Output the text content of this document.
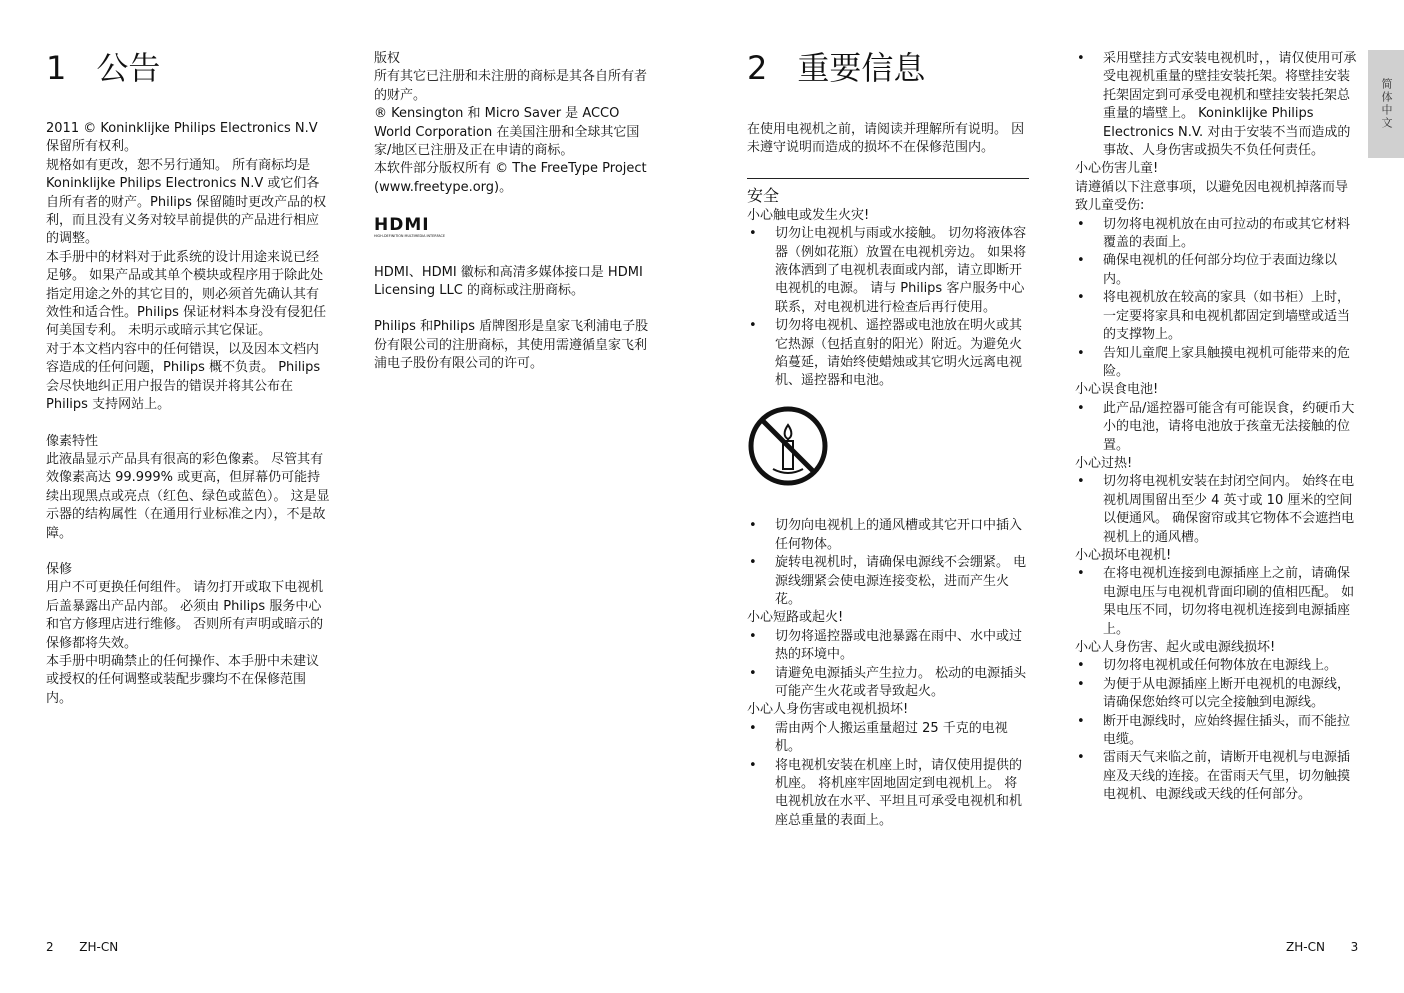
1 公告

2011 © Koninklijke Philips Electronics N.V 保留所有权利。

规格如有更改，恕不另行通知。 所有商标均是Koninklijke Philips Electronics N.V 或它们各自所有者的财产。Philips 保留随时更改产品的权利，而且没有义务对较早前提供的产品进行相应的调整。

本手册中的材料对于此系统的设计用途来说已经足够。 如果产品或其单个模块或程序用于除此处指定用途之外的其它目的，则必须首先确认其有效性和适合性。Philips 保证材料本身没有侵犯任何美国专利。 未明示或暗示其它保证。

对于本文档内容中的任何错误，以及因本文档内容造成的任何问题，Philips 概不负责。 Philips 会尽快地纠正用户报告的错误并将其公布在 Philips 支持网站上。

像素特性

此液晶显示产品具有很高的彩色像素。 尽管其有效像素高达 99.999% 或更高，但屏幕仍可能持续出现黑点或亮点（红色、绿色或蓝色）。 这是显示器的结构属性（在通用行业标准之内），不是故障。

保修

用户不可更换任何组件。 请勿打开或取下电视机后盖暴露出产品内部。 必须由 Philips 服务中心和官方修理店进行维修。 否则所有声明或暗示的保修都将失效。

本手册中明确禁止的任何操作、本手册中未建议或授权的任何调整或装配步骤均不在保修范围内。

版权

所有其它已注册和未注册的商标是其各自所有者的财产。

® Kensington 和 Micro Saver 是 ACCO World Corporation 在美国注册和全球其它国家/地区已注册及正在申请的商标。

本软件部分版权所有 © The FreeType Project (www.freetype.org)。

HDMI
HIGH-DEFINITION MULTIMEDIA INTERFACE

HDMI、HDMI 徽标和高清多媒体接口是 HDMI Licensing LLC 的商标或注册商标。

Philips 和Philips 盾牌图形是皇家飞利浦电子股份有限公司的注册商标，其使用需遵循皇家飞利浦电子股份有限公司的许可。

2 ZH-CN
2 重要信息

在使用电视机之前，请阅读并理解所有说明。 因未遵守说明而造成的损坏不在保修范围内。

安全

小心触电或发生火灾!

• 切勿让电视机与雨或水接触。 切勿将液体容器（例如花瓶）放置在电视机旁边。 如果将液体洒到了电视机表面或内部，请立即断开电视机的电源。 请与 Philips 客户服务中心联系，对电视机进行检查后再行使用。
• 切勿将电视机、遥控器或电池放在明火或其它热源（包括直射的阳光）附近。为避免火焰蔓延，请始终使蜡烛或其它明火远离电视机、遥控器和电池。
• 切勿向电视机上的通风槽或其它开口中插入任何物体。
• 旋转电视机时，请确保电源线不会绷紧。 电源线绷紧会使电源连接变松，进而产生火花。

小心短路或起火!

• 切勿将遥控器或电池暴露在雨中、水中或过热的环境中。
• 请避免电源插头产生拉力。 松动的电源插头可能产生火花或者导致起火。

小心人身伤害或电视机损坏!

• 需由两个人搬运重量超过 25 千克的电视机。
• 将电视机安装在机座上时，请仅使用提供的机座。 将机座牢固地固定到电视机上。 将电视机放在水平、平坦且可承受电视机和机座总重量的表面上。
• 采用壁挂方式安装电视机时，，请仅使用可承受电视机重量的壁挂安装托架。将壁挂安装托架固定到可承受电视机和壁挂安装托架总重量的墙壁上。 Koninklijke Philips Electronics N.V. 对由于安装不当而造成的事故、人身伤害或损失不负任何责任。

小心伤害儿童!

请遵循以下注意事项，以避免因电视机掉落而导致儿童受伤:

• 切勿将电视机放在由可拉动的布或其它材料覆盖的表面上。
• 确保电视机的任何部分均位于表面边缘以内。
• 将电视机放在较高的家具（如书柜）上时，一定要将家具和电视机都固定到墙壁或适当的支撑物上。
• 告知儿童爬上家具触摸电视机可能带来的危险。

小心误食电池!

• 此产品/遥控器可能含有可能误食，约硬币大小的电池，请将电池放于孩童无法接触的位置。

小心过热!

• 切勿将电视机安装在封闭空间内。 始终在电视机周围留出至少 4 英寸或 10 厘米的空间以便通风。 确保窗帘或其它物体不会遮挡电视机上的通风槽。

小心损坏电视机!

• 在将电视机连接到电源插座上之前，请确保电源电压与电视机背面印刷的值相匹配。 如果电压不同，切勿将电视机连接到电源插座上。

小心人身伤害、起火或电源线损坏!

• 切勿将电视机或任何物体放在电源线上。
• 为便于从电源插座上断开电视机的电源线，请确保您始终可以完全接触到电源线。
• 断开电源线时，应始终握住插头，而不能拉电缆。
• 雷雨天气来临之前，请断开电视机与电源插座及天线的连接。在雷雨天气里，切勿触摸电视机、电源线或天线的任何部分。
简体中文
ZH-CN 3
